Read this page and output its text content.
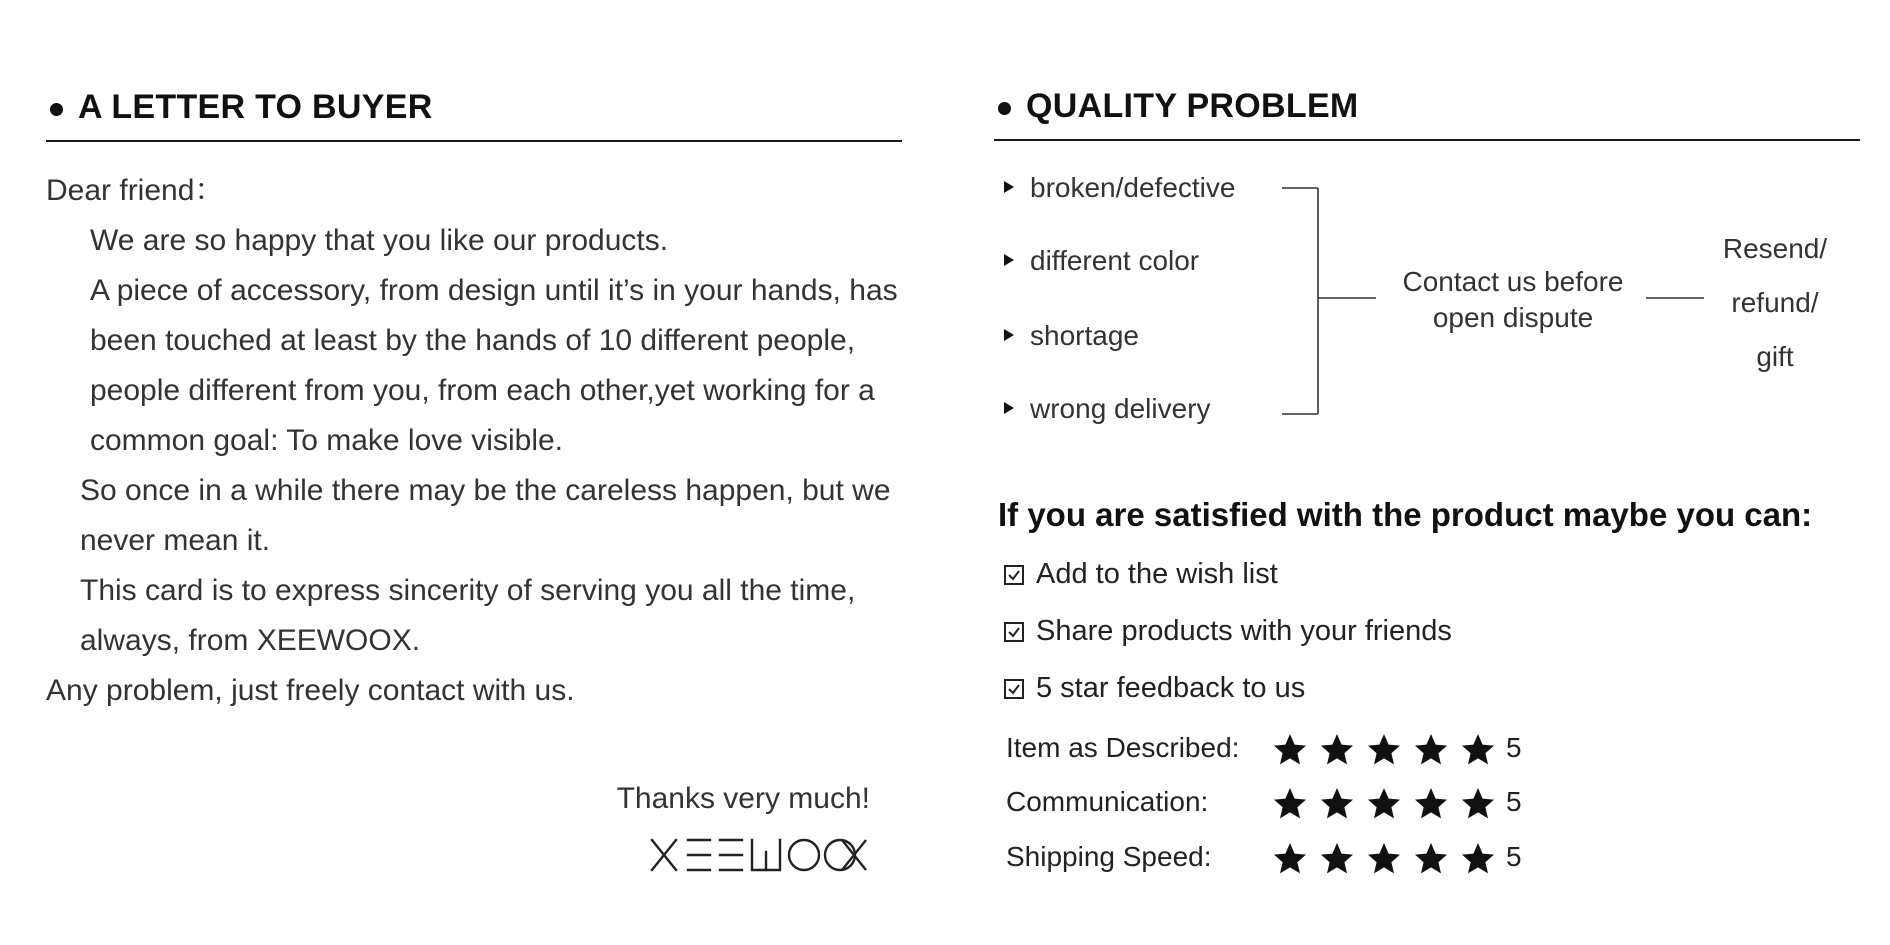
A LETTER TO BUYER

Dear friend：

We are so happy that you like our products.

A piece of accessory, from design until it’s in your hands, has been touched at least by the hands of 10 different people,   people different from you, from each other,yet working for a common goal: To make love visible.

So once in a while there may be the careless happen, but we never mean it.

This card is to express sincerity of serving you all the time, always, from XEEWOOX.

Any problem, just freely contact with us.

Thanks very much!
QUALITY PROBLEM
broken/defective
different color
shortage
wrong delivery
Contact us before open dispute
Resend/
refund/
gift
If you are satisfied with the product maybe you can:
Add to the wish list
Share products with your friends
5 star feedback to us
Item as Described:	5
Communication:	5
Shipping Speed:	5
